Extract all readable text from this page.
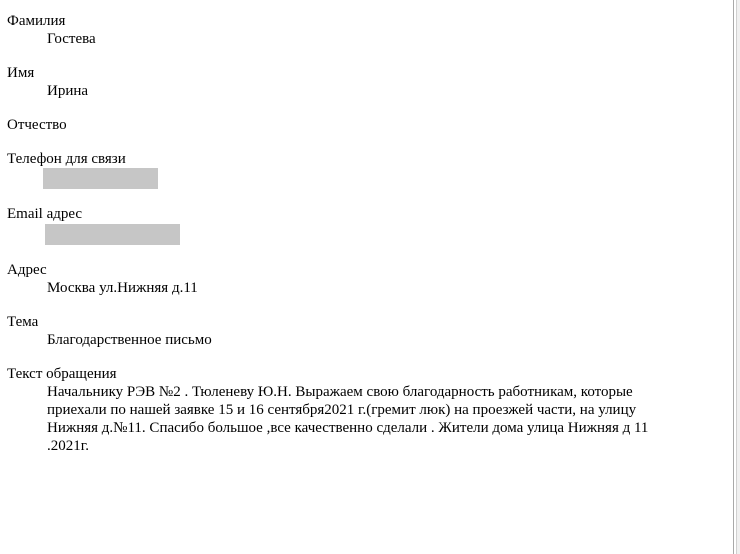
Фамилия
Гостева
Имя
Ирина
Отчество
Телефон для связи
Email адрес
Адрес
Москва ул.Нижняя д.11
Тема
Благодарственное письмо
Текст обращения
Начальнику РЭВ №2 . Тюленеву Ю.Н. Выражаем свою благодарность работникам, которые приехали по нашей заявке 15 и 16 сентября2021 г.(гремит люк) на проезжей части, на улицу Нижняя д.№11. Спасибо большое ,все качественно сделали . Жители дома улица Нижняя д 11 .2021г.
